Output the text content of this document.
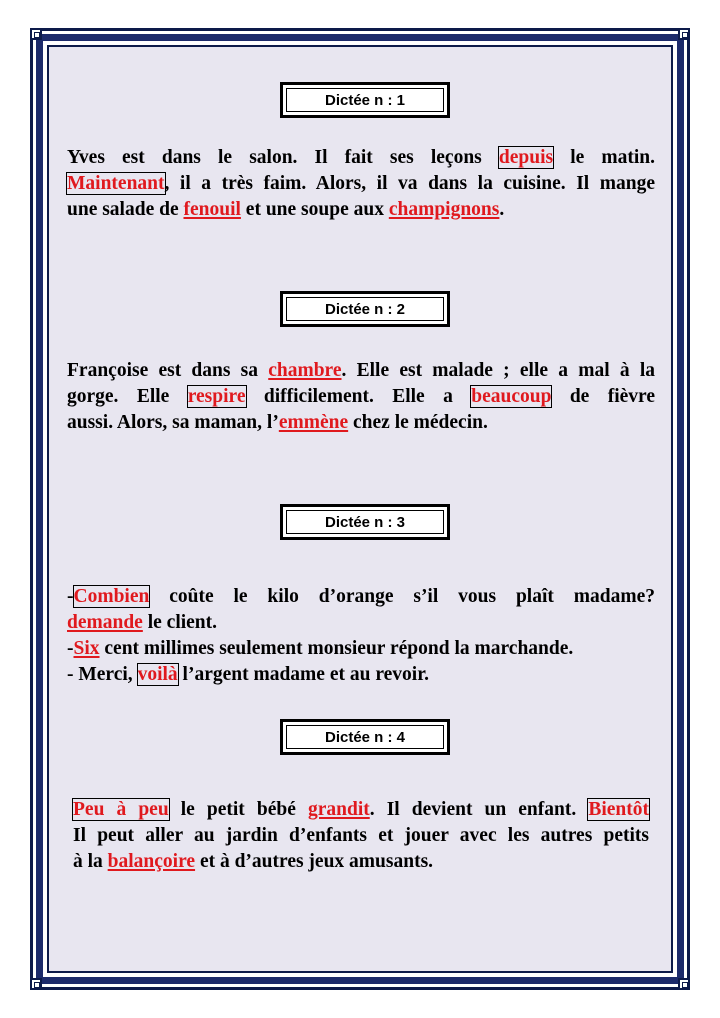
Dictée n : 1
Yves est dans le salon. Il fait ses leçons depuis le matin.
Maintenant, il a très faim. Alors, il va dans la cuisine. Il mange
une salade de fenouil et une soupe aux champignons.
Dictée n : 2
Françoise est dans sa chambre. Elle est malade ; elle a mal à la
gorge. Elle respire difficilement. Elle a beaucoup de fièvre
aussi. Alors, sa maman, l’emmène chez le médecin.
Dictée n : 3
-Combien coûte le kilo d’orange s’il vous plaît madame?
demande le client.
-Six cent millimes seulement monsieur répond la marchande.
- Merci, voilà l’argent madame et au revoir.
Dictée n : 4
Peu à peu le petit bébé grandit. Il devient un enfant. Bientôt
Il peut aller au jardin d’enfants et jouer avec les autres petits
à la balançoire et à d’autres jeux amusants.
